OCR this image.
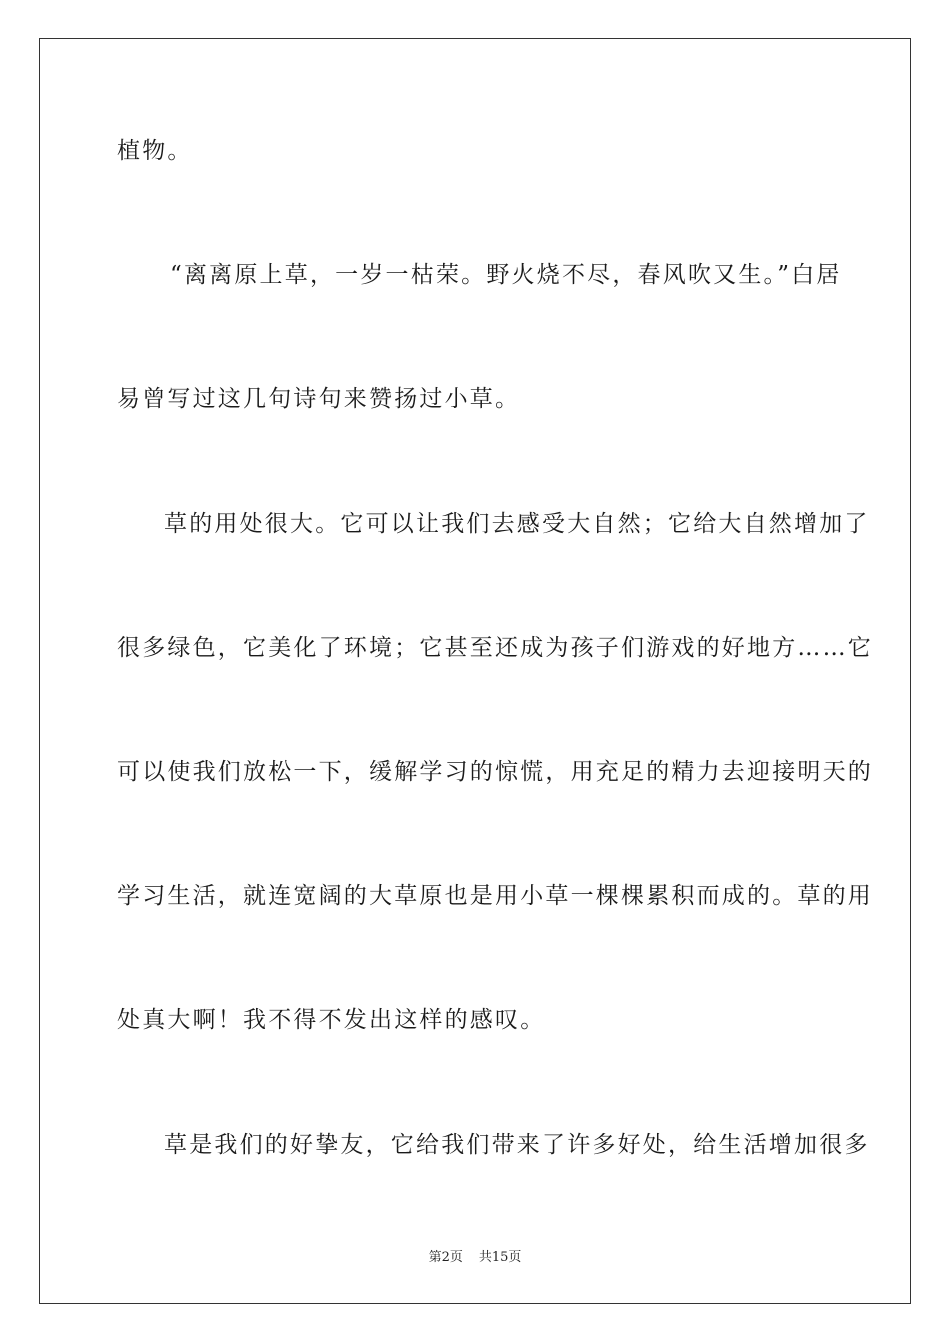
植物。
“离离原上草，一岁一枯荣。野火烧不尽，春风吹又生。”白居
易曾写过这几句诗句来赞扬过小草。
草的用处很大。它可以让我们去感受大自然；它给大自然增加了
很多绿色，它美化了环境；它甚至还成为孩子们游戏的好地方……它
可以使我们放松一下，缓解学习的惊慌，用充足的精力去迎接明天的
学习生活，就连宽阔的大草原也是用小草一棵棵累积而成的。草的用
处真大啊！我不得不发出这样的感叹。
草是我们的好挚友，它给我们带来了许多好处，给生活增加很多
第2页 共15页
